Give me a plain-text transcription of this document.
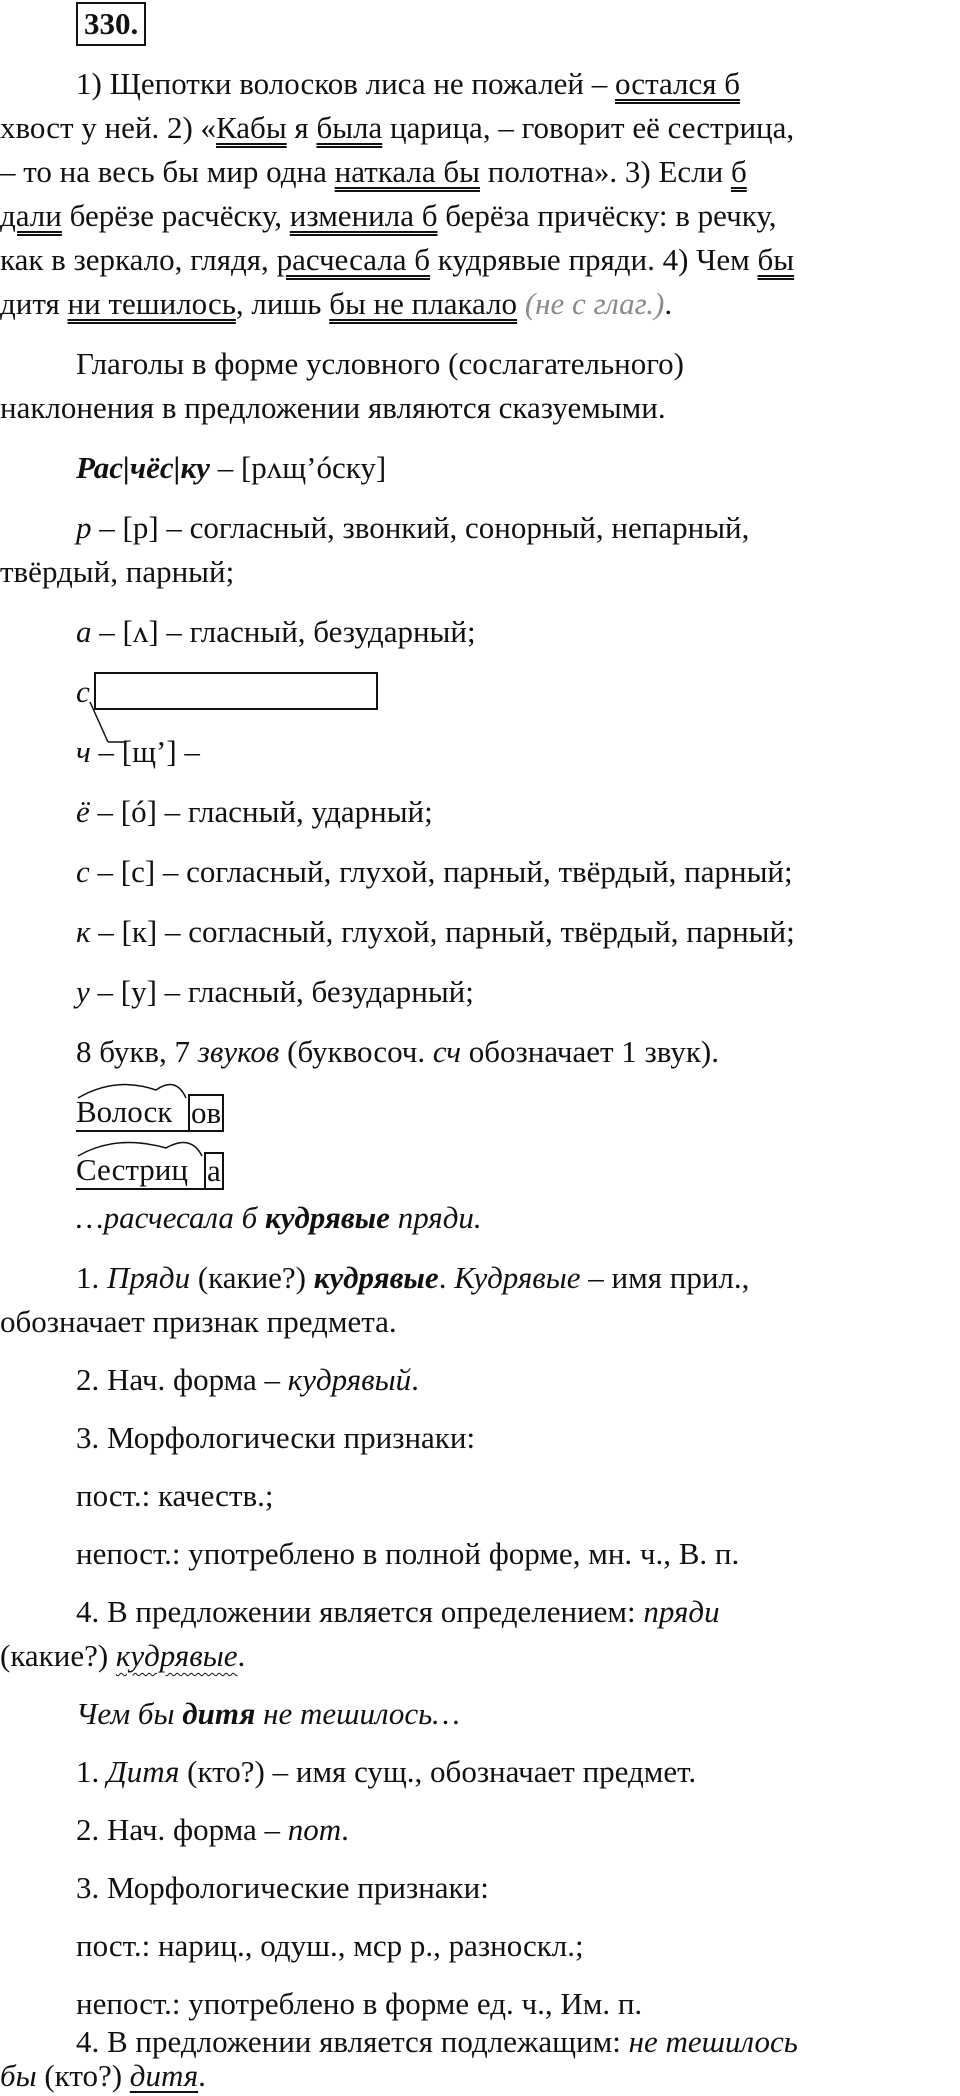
330.
1) Щепотки волосков лиса не пожалей – остался б
хвост у ней. 2) «Кабы я была царица, – говорит её сестрица,
– то на весь бы мир одна наткала бы полотна». 3) Если б
дали берёзе расчёску, изменила б берёза причёску: в речку,
как в зеркало, глядя, расчесала б кудрявые пряди. 4) Чем бы
дитя ни тешилось, лишь бы не плакало (не с глаг.).
Глаголы в форме условного (сослагательного)
наклонения в предложении являются сказуемыми.
Рас|чёс|ку – [рʌщ’óску]
р – [р] – согласный, звонкий, сонорный, непарный,
твёрдый, парный;
а – [ʌ] – гласный, безударный;
с
ч – [щ’] –
ё – [ó] – гласный, ударный;
с – [с] – согласный, глухой, парный, твёрдый, парный;
к – [к] – согласный, глухой, парный, твёрдый, парный;
у – [у] – гласный, безударный;
8 букв, 7 звуков (буквосоч. сч обозначает 1 звук).
Волоск ов
Сестриц а
…расчесала б кудрявые пряди.
1. Пряди (какие?) кудрявые. Кудрявые – имя прил.,
обозначает признак предмета.
2. Нач. форма – кудрявый.
3. Морфологически признаки:
пост.: качеств.;
непост.: употреблено в полной форме, мн. ч., В. п.
4. В предложении является определением: пряди
(какие?) кудрявые.
Чем бы дитя не тешилось…
1. Дитя (кто?) – имя сущ., обозначает предмет.
2. Нач. форма – пот.
3. Морфологические признаки:
пост.: нариц., одуш., мср р., разноскл.;
непост.: употреблено в форме ед. ч., Им. п.
4. В предложении является подлежащим: не тешилось
бы (кто?) дитя.
